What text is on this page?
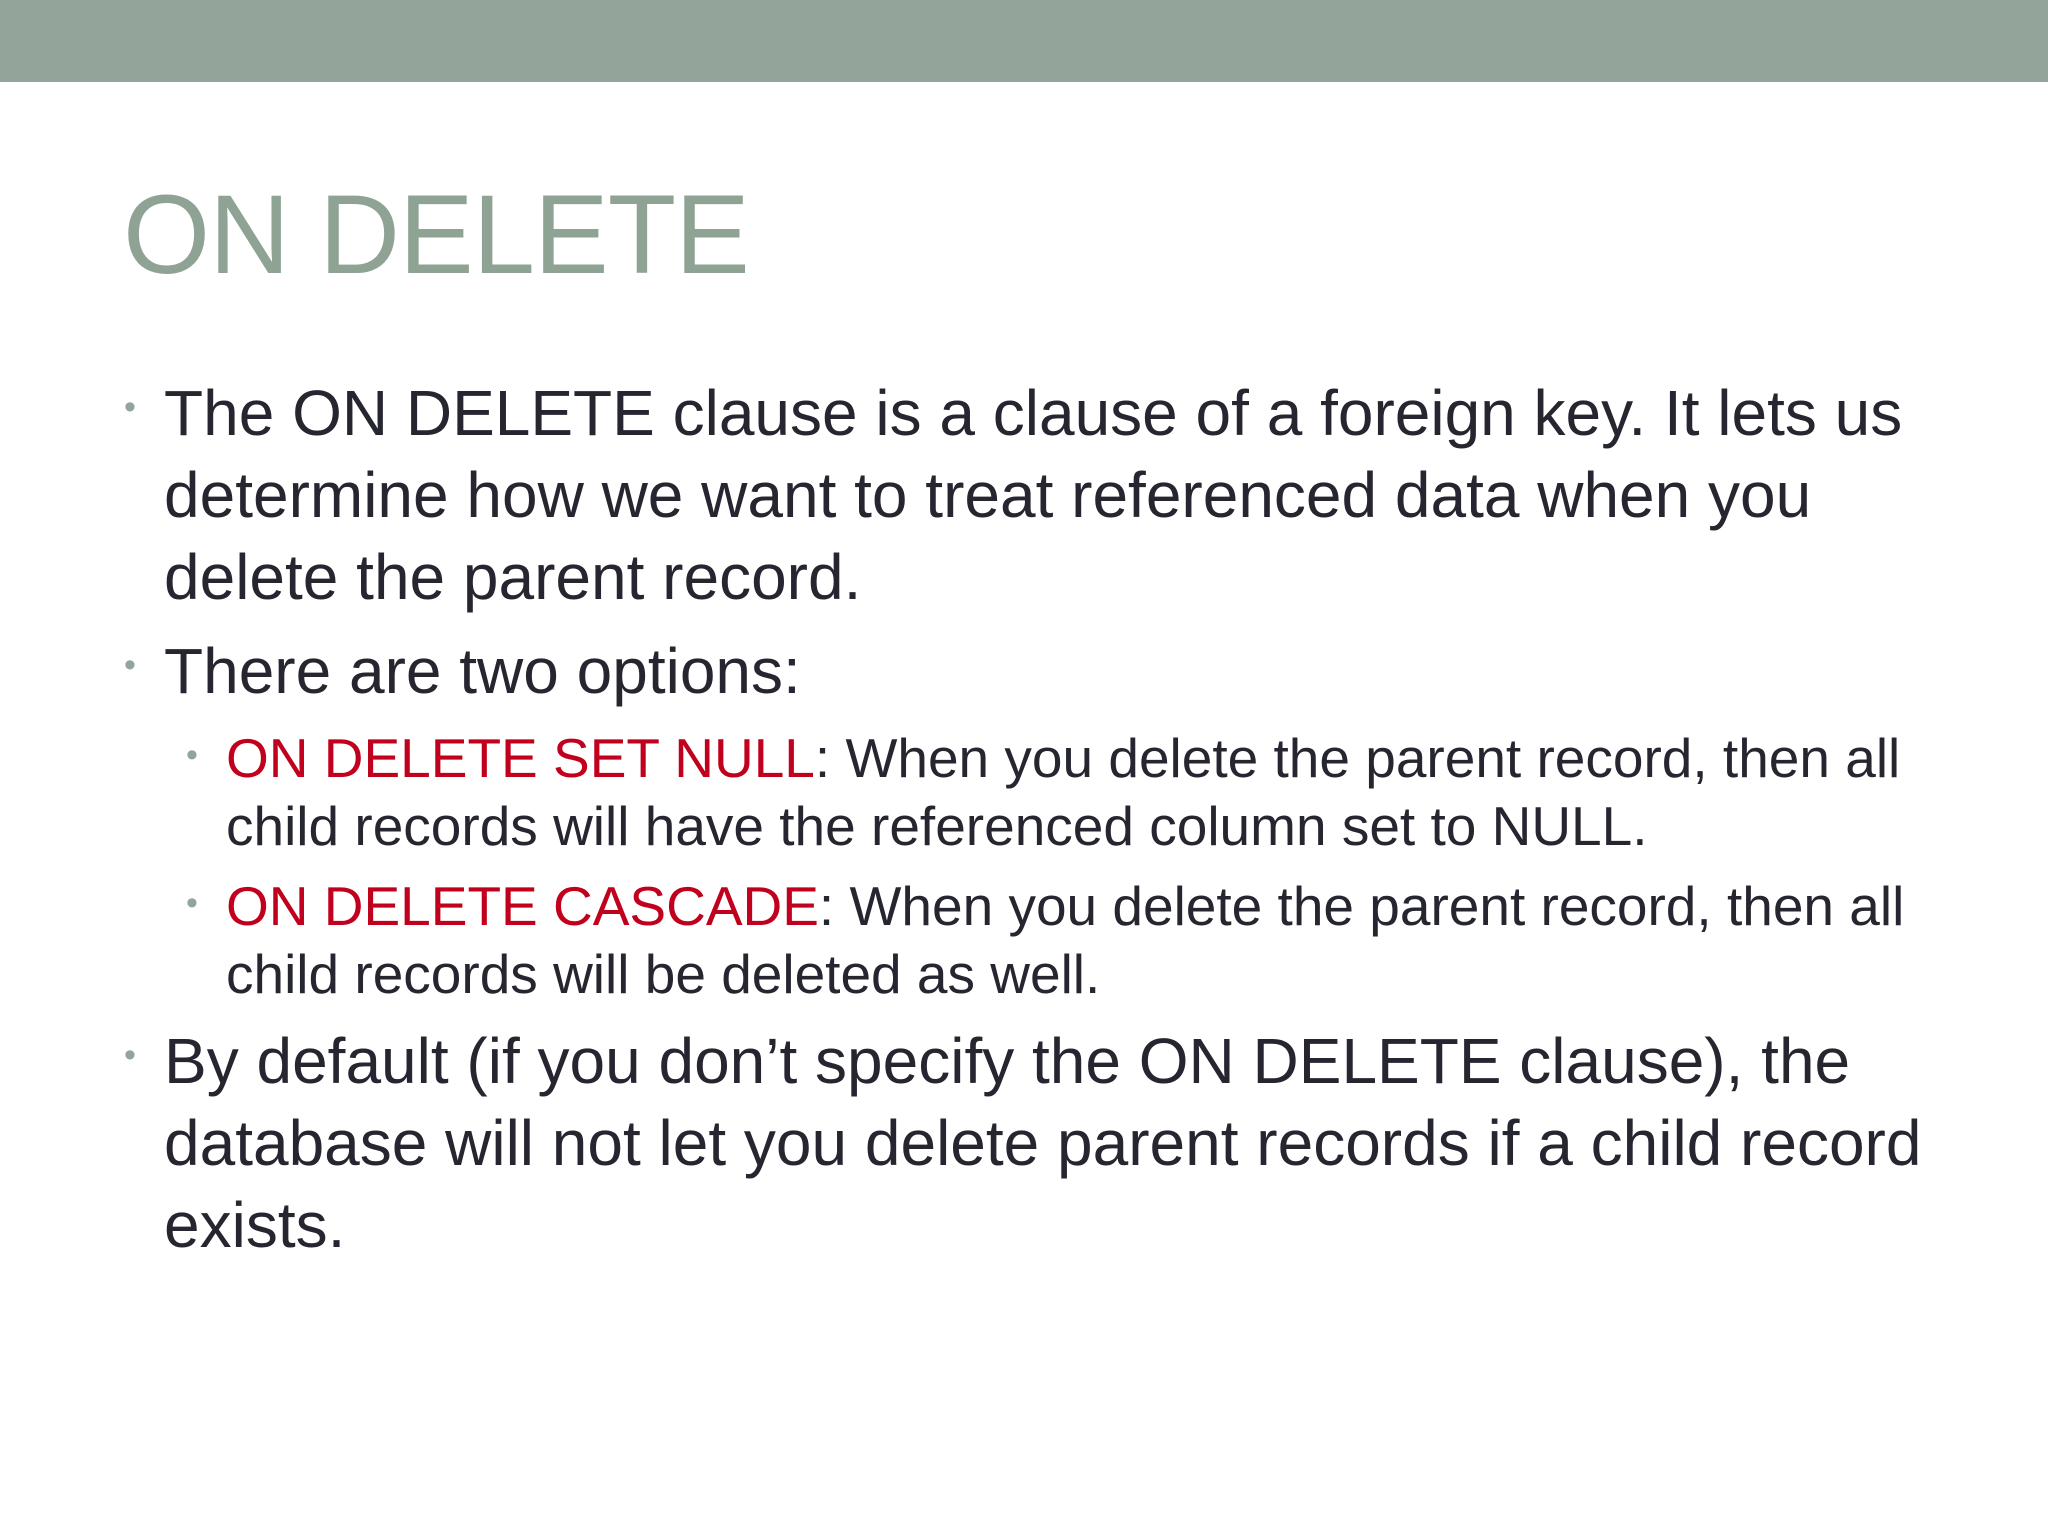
ON DELETE
• The ON DELETE clause is a clause of a foreign key. It lets us determine how we want to treat referenced data when you delete the parent record.
• There are two options:
• ON DELETE SET NULL: When you delete the parent record, then all child records will have the referenced column set to NULL.
• ON DELETE CASCADE: When you delete the parent record, then all child records will be deleted as well.
• By default (if you don’t specify the ON DELETE clause), the database will not let you delete parent records if a child record exists.
